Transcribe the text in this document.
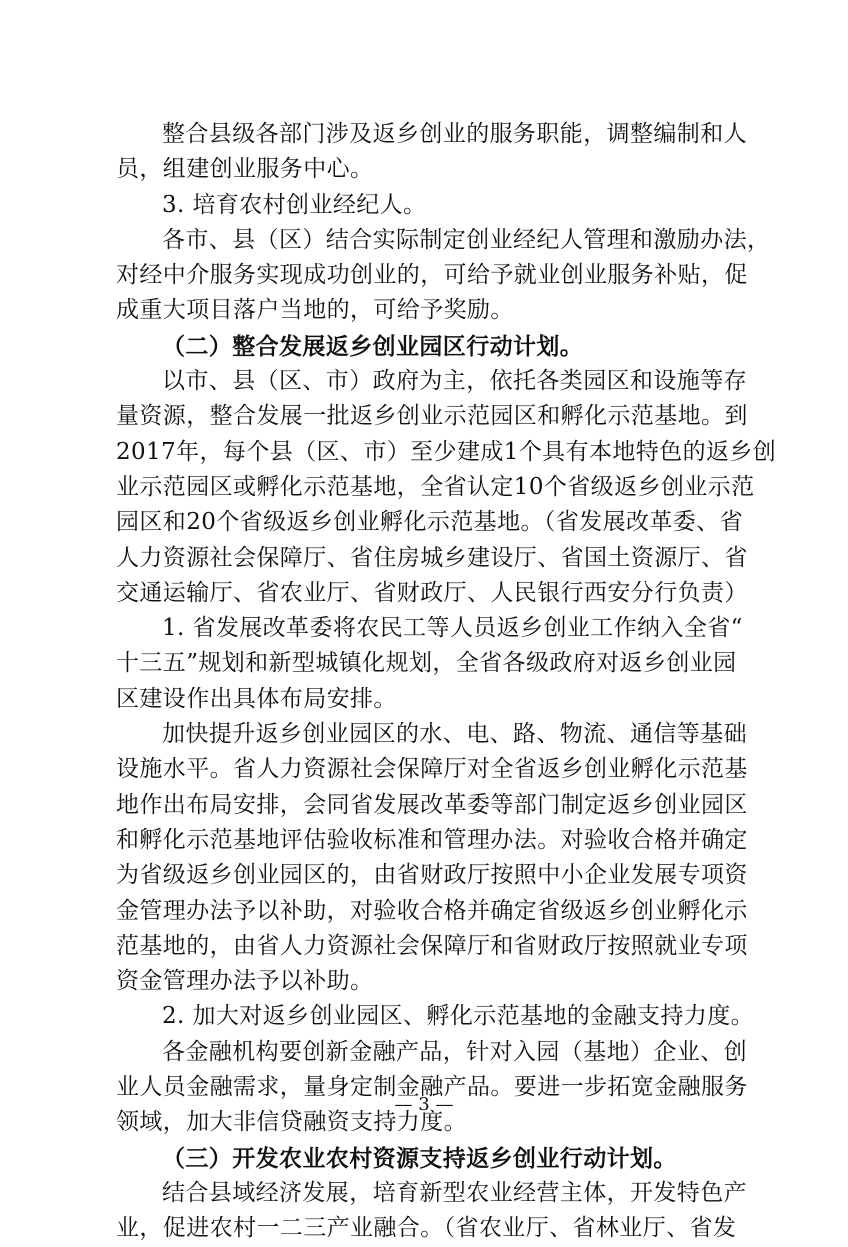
整合县级各部门涉及返乡创业的服务职能，调整编制和人
员，组建创业服务中心。
3. 培育农村创业经纪人。
各市、县（区）结合实际制定创业经纪人管理和激励办法，
对经中介服务实现成功创业的，可给予就业创业服务补贴，促
成重大项目落户当地的，可给予奖励。
（二）整合发展返乡创业园区行动计划。
以市、县（区、市）政府为主，依托各类园区和设施等存
量资源，整合发展一批返乡创业示范园区和孵化示范基地。到
2017年，每个县（区、市）至少建成1个具有本地特色的返乡创
业示范园区或孵化示范基地，全省认定10个省级返乡创业示范
园区和20个省级返乡创业孵化示范基地。（省发展改革委、省
人力资源社会保障厅、省住房城乡建设厅、省国土资源厅、省
交通运输厅、省农业厅、省财政厅、人民银行西安分行负责）
1. 省发展改革委将农民工等人员返乡创业工作纳入全省“
十三五”规划和新型城镇化规划，全省各级政府对返乡创业园
区建设作出具体布局安排。
加快提升返乡创业园区的水、电、路、物流、通信等基础
设施水平。省人力资源社会保障厅对全省返乡创业孵化示范基
地作出布局安排，会同省发展改革委等部门制定返乡创业园区
和孵化示范基地评估验收标准和管理办法。对验收合格并确定
为省级返乡创业园区的，由省财政厅按照中小企业发展专项资
金管理办法予以补助，对验收合格并确定省级返乡创业孵化示
范基地的，由省人力资源社会保障厅和省财政厅按照就业专项
资金管理办法予以补助。
2. 加大对返乡创业园区、孵化示范基地的金融支持力度。
各金融机构要创新金融产品，针对入园（基地）企业、创
业人员金融需求，量身定制金融产品。要进一步拓宽金融服务
领域，加大非信贷融资支持力度。
（三）开发农业农村资源支持返乡创业行动计划。
结合县域经济发展，培育新型农业经营主体，开发特色产
业，促进农村一二三产业融合。（省农业厅、省林业厅、省发
— 3 —
